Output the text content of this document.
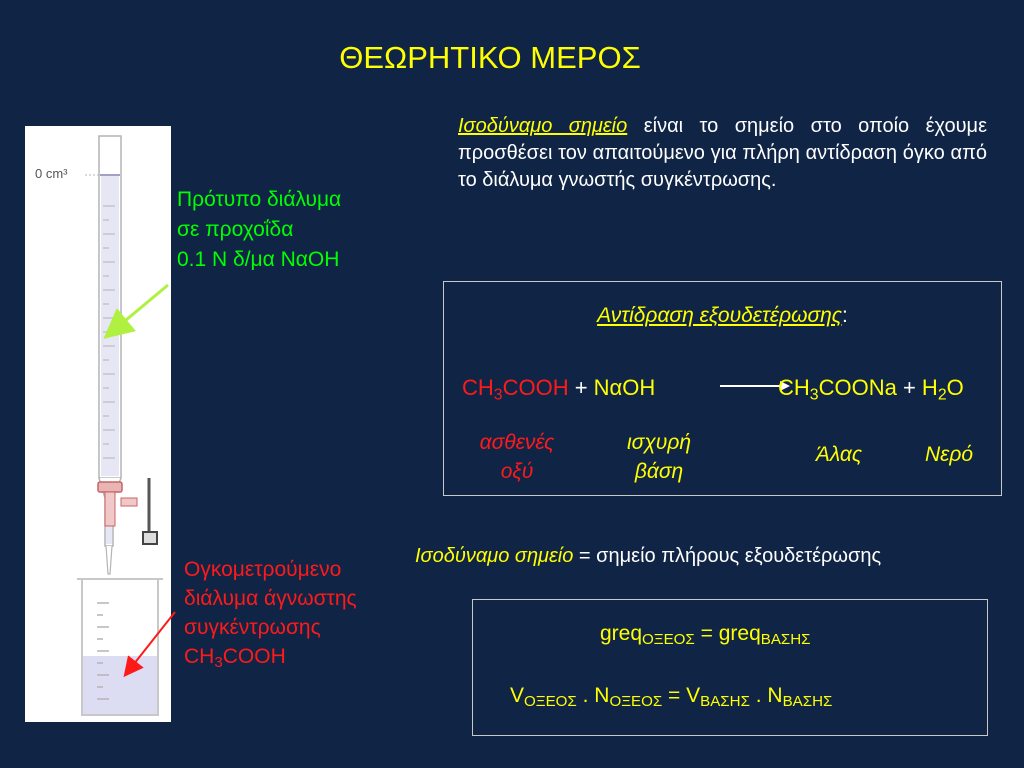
ΘΕΩΡΗΤΙΚΟ ΜΕΡΟΣ
0 cm³
Πρότυπο διάλυμα
σε προχοΐδα
0.1 Ν δ/μα ΝαΟΗ
Ογκομετρούμενο
διάλυμα άγνωστης
συγκέντρωσης
$CH_3COOH$
Ισοδύναμο σημείο είναι το σημείο στο οποίο έχουμε προσθέσει τον απαιτούμενο για πλήρη αντίδραση όγκο από το διάλυμα γνωστής συγκέντρωσης.
Αντίδραση εξουδετέρωσης:
$CH_3COOH + N\alpha OH$	$CH_3COONa + H_2O$
ασθενές
οξύ
ισχυρή
βάση
Άλας	Νερό
Ισοδύναμο σημείο = σημείο πλήρους εξουδετέρωσης
greq$_{O\Xi EO\Sigma}$ = greq$_{BA\Sigma H\Sigma}$
$V_{O\Xi EO\Sigma}$ . $N_{O\Xi EO\Sigma} = V_{BA\Sigma H\Sigma}$ . $N_{BA\Sigma H\Sigma}$
